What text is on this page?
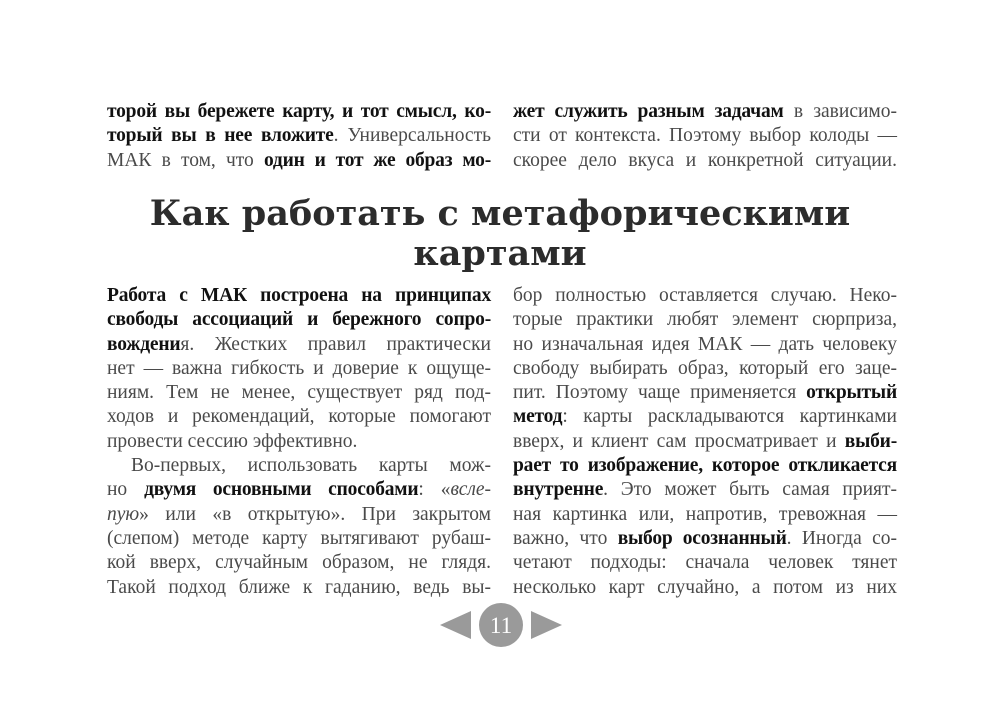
торой вы бережете карту, и тот смысл, ко-
торый вы в нее вложите. Универсальность
МАК в том, что один и тот же образ мо-
жет служить разным задачам в зависимо-
сти от контекста. Поэтому выбор колоды —
скорее дело вкуса и конкретной ситуации.
Как работать с метафорическими
картами
Работа с МАК построена на принципах
свободы ассоциаций и бережного сопро-
вождения. Жестких правил практически
нет — важна гибкость и доверие к ощуще-
ниям. Тем не менее, существует ряд под-
ходов и рекомендаций, которые помогают
провести сессию эффективно.
Во-первых, использовать карты мож-
но двумя основными способами: «вслe-
пую» или «в открытую». При закрытом
(слепом) методе карту вытягивают рубаш-
кой вверх, случайным образом, не глядя.
Такой подход ближе к гаданию, ведь вы-
бор полностью оставляется случаю. Неко-
торые практики любят элемент сюрприза,
но изначальная идея МАК — дать человеку
свободу выбирать образ, который его заце-
пит. Поэтому чаще применяется открытый
метод: карты раскладываются картинками
вверх, и клиент сам просматривает и выби-
рает то изображение, которое откликается
внутренне. Это может быть самая прият-
ная картинка или, напротив, тревожная —
важно, что выбор осознанный. Иногда со-
четают подходы: сначала человек тянет
несколько карт случайно, а потом из них
11
